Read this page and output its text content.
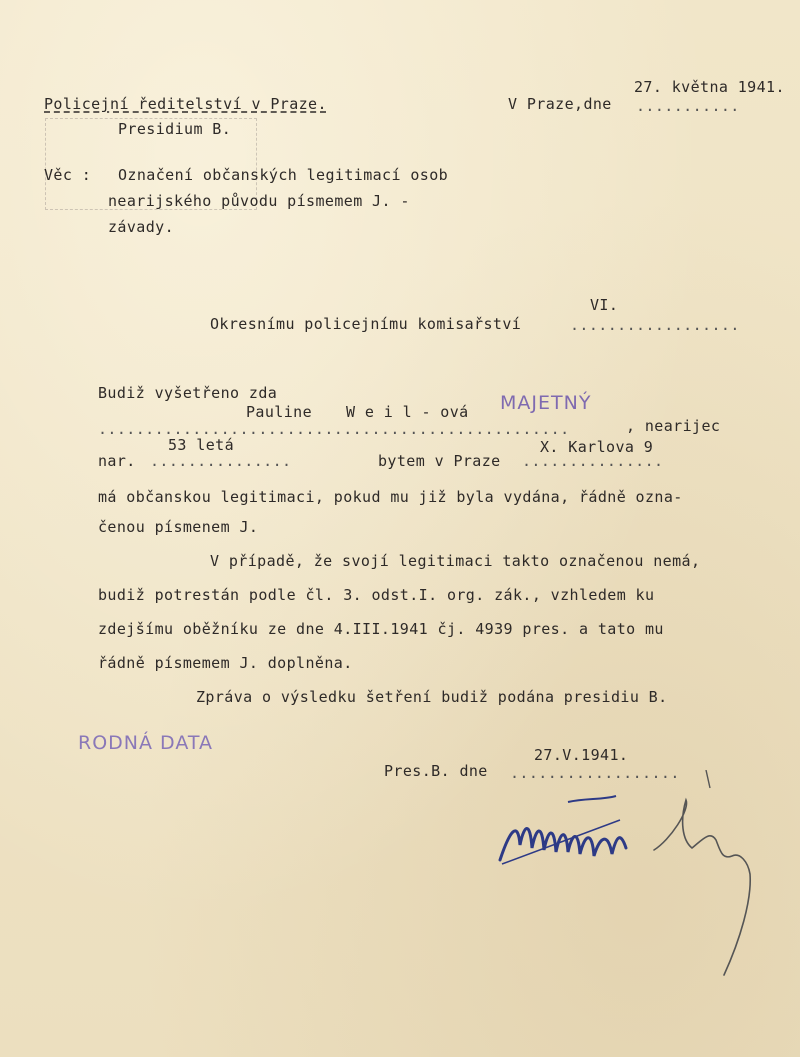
Policejní ředitelství v Praze.
Presidium B.
27. května 1941.
V Praze,dne ...........
Věc : Označení občanských legitimací osob
nearijského původu písmemem J. -
závady.
VI.
Okresnímu policejnímu komisařství	..................
Budiž vyšetřeno zda
Pauline W e i l - ová MAJETNÝ
..................................................	, nearijec
53 letá	X. Karlova 9
nar. ...............	bytem v Praze ...............
má občanskou legitimaci, pokud mu již byla vydána, řádně ozna-
čenou písmenem J.
V případě, že svojí legitimaci takto označenou nemá,
budiž potrestán podle čl. 3. odst.I. org. zák., vzhledem ku
zdejšímu oběžníku ze dne 4.III.1941 čj. 4939 pres. a tato mu
řádně písmemem J. doplněna.
Zpráva o výsledku šetření budiž podána presidiu B.
RODNÁ DATA
27.V.1941.
Pres.B. dne ..................
